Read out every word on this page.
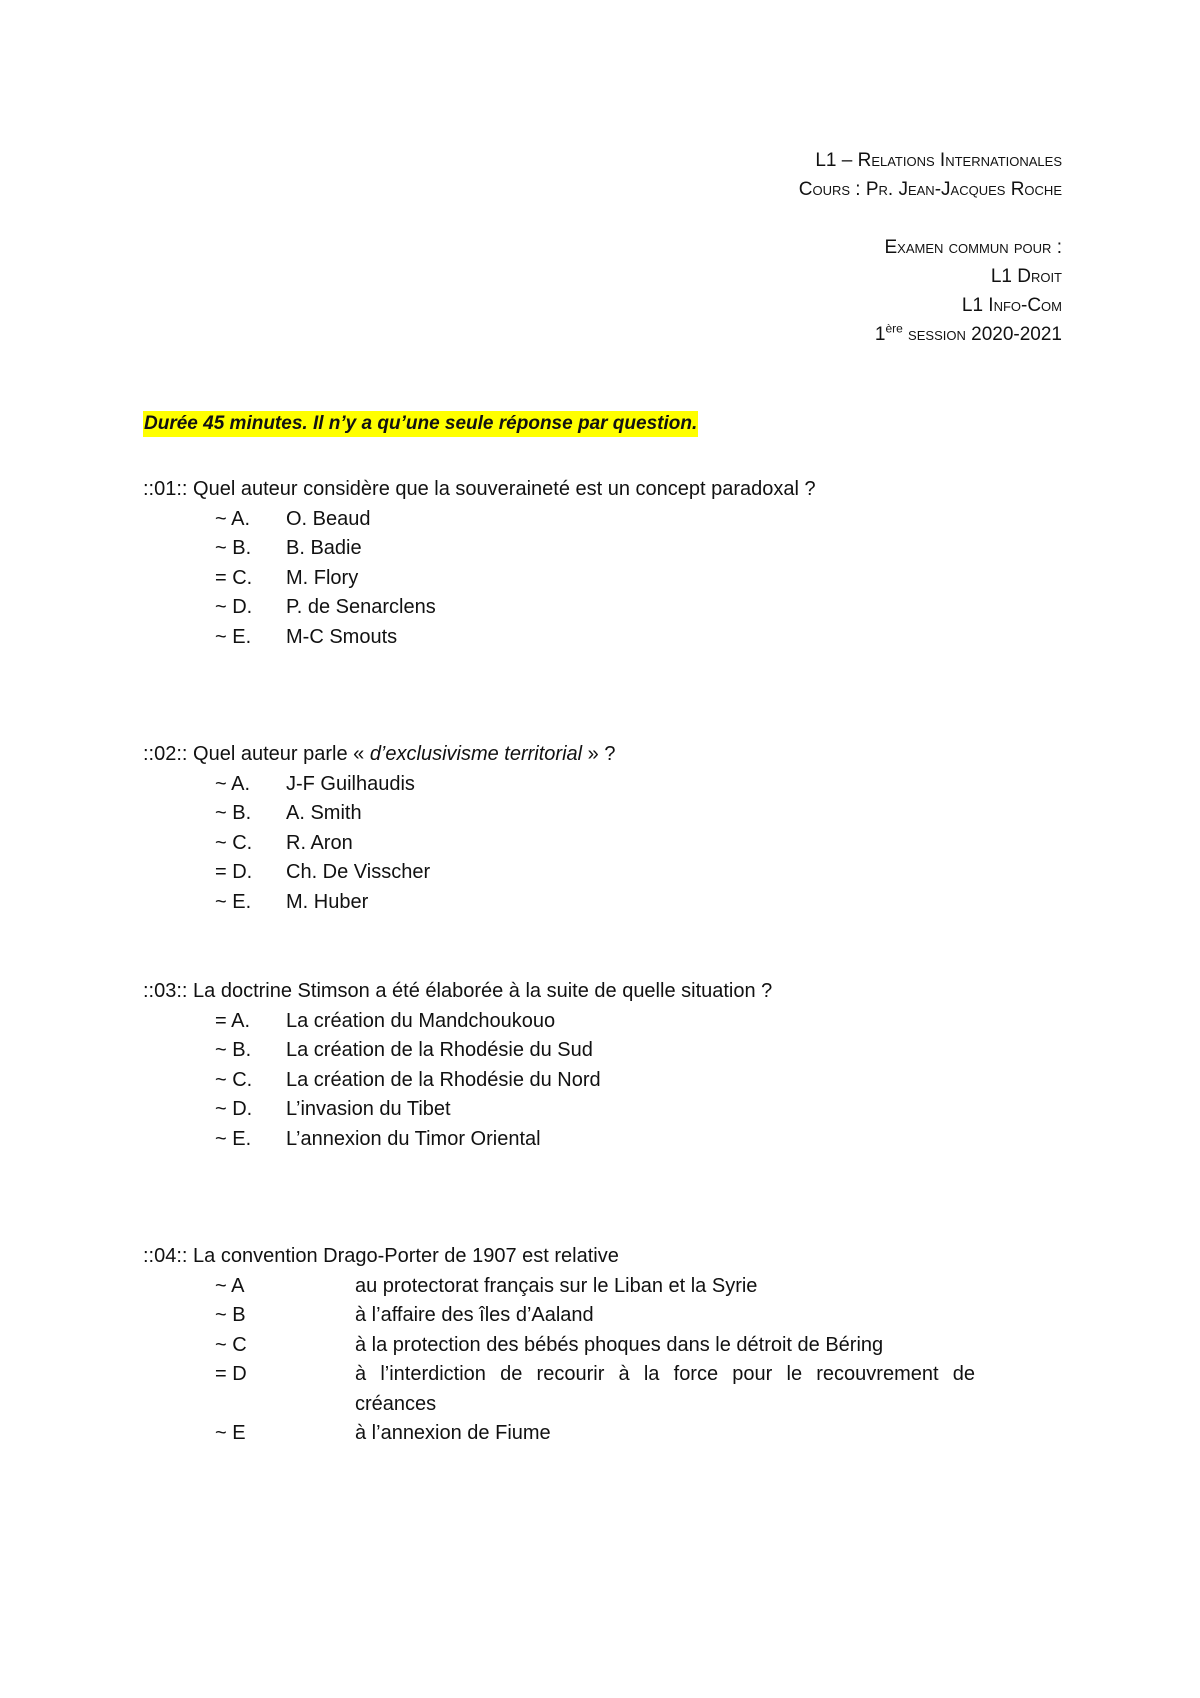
L1 – Relations Internationales
Cours : Pr. Jean-Jacques Roche
Examen commun pour :
L1 Droit
L1 Info-Com
1ère session 2020-2021
Durée 45 minutes. Il n’y a qu’une seule réponse par question.
::01:: Quel auteur considère que la souveraineté est un concept paradoxal ?
~ A. O. Beaud
~ B. B. Badie
= C. M. Flory
~ D. P. de Senarclens
~ E. M-C Smouts
::02:: Quel auteur parle « d’exclusivisme territorial » ?
~ A. J-F Guilhaudis
~ B. A. Smith
~ C. R. Aron
= D. Ch. De Visscher
~ E. M. Huber
::03:: La doctrine Stimson a été élaborée à la suite de quelle situation ?
= A. La création du Mandchoukouo
~ B. La création de la Rhodésie du Sud
~ C. La création de la Rhodésie du Nord
~ D. L’invasion du Tibet
~ E. L’annexion du Timor Oriental
::04:: La convention Drago-Porter de 1907 est relative
~ A	au protectorat français sur le Liban et la Syrie
~ B	à l’affaire des îles d’Aaland
~ C	à la protection des bébés phoques dans le détroit de Béring
= D	à l’interdiction de recourir à la force pour le recouvrement de créances
~ E	à l’annexion de Fiume
